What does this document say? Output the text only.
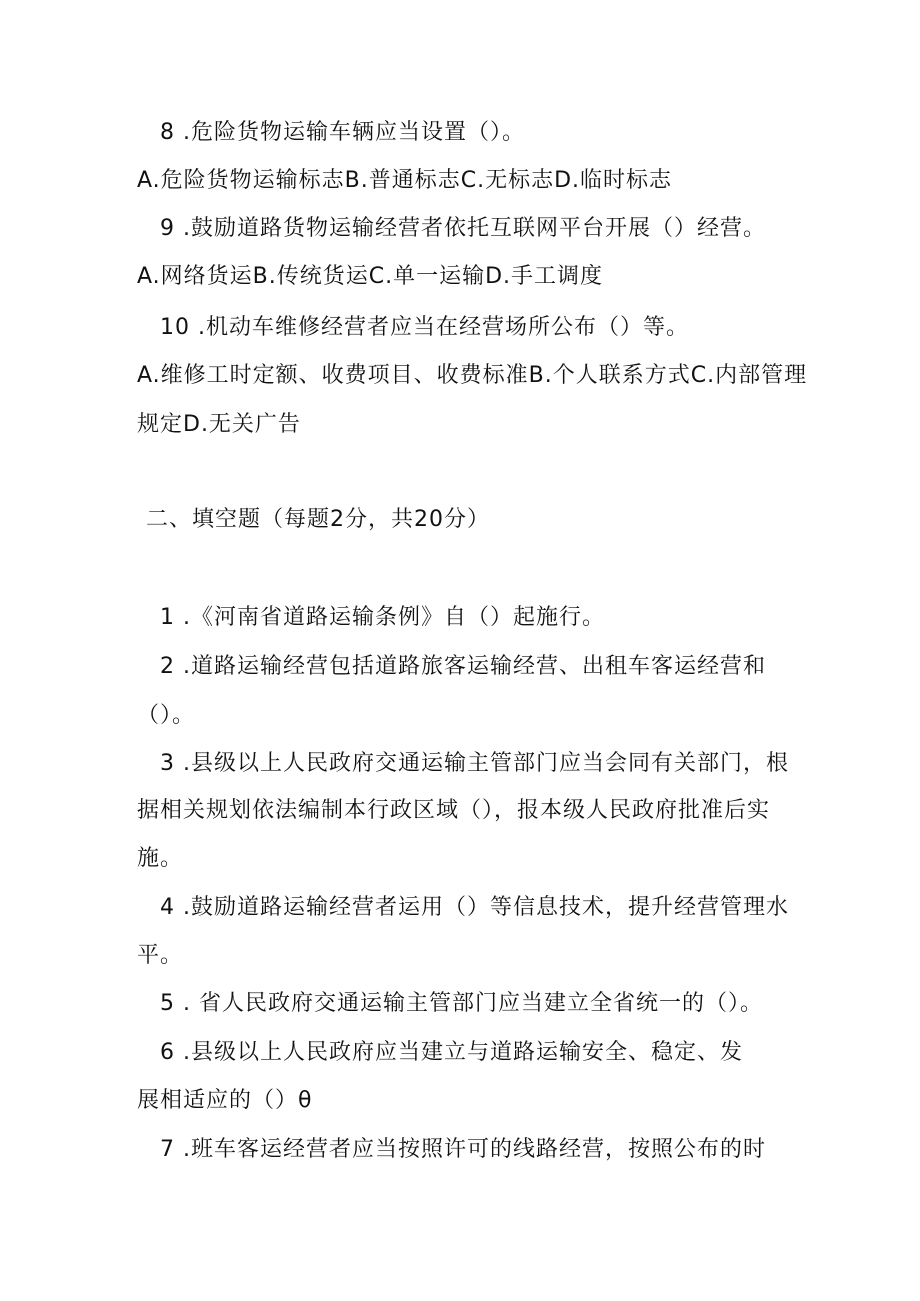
8 .危险货物运输车辆应当设置（）。
A.危险货物运输标志B.普通标志C.无标志D.临时标志
9 .鼓励道路货物运输经营者依托互联网平台开展（）经营。
A.网络货运B.传统货运C.单一运输D.手工调度
10 .机动车维修经营者应当在经营场所公布（）等。
A.维修工时定额、收费项目、收费标准B.个人联系方式C.内部管理
规定D.无关广告
二、填空题（每题2分，共20分）
1 .《河南省道路运输条例》自（）起施行。
2 .道路运输经营包括道路旅客运输经营、出租车客运经营和
（）。
3 .县级以上人民政府交通运输主管部门应当会同有关部门，根
据相关规划依法编制本行政区域（），报本级人民政府批准后实
施。
4 .鼓励道路运输经营者运用（）等信息技术，提升经营管理水
平。
5 . 省人民政府交通运输主管部门应当建立全省统一的（）。
6 .县级以上人民政府应当建立与道路运输安全、稳定、发
展相适应的（）θ
7 .班车客运经营者应当按照许可的线路经营，按照公布的时
